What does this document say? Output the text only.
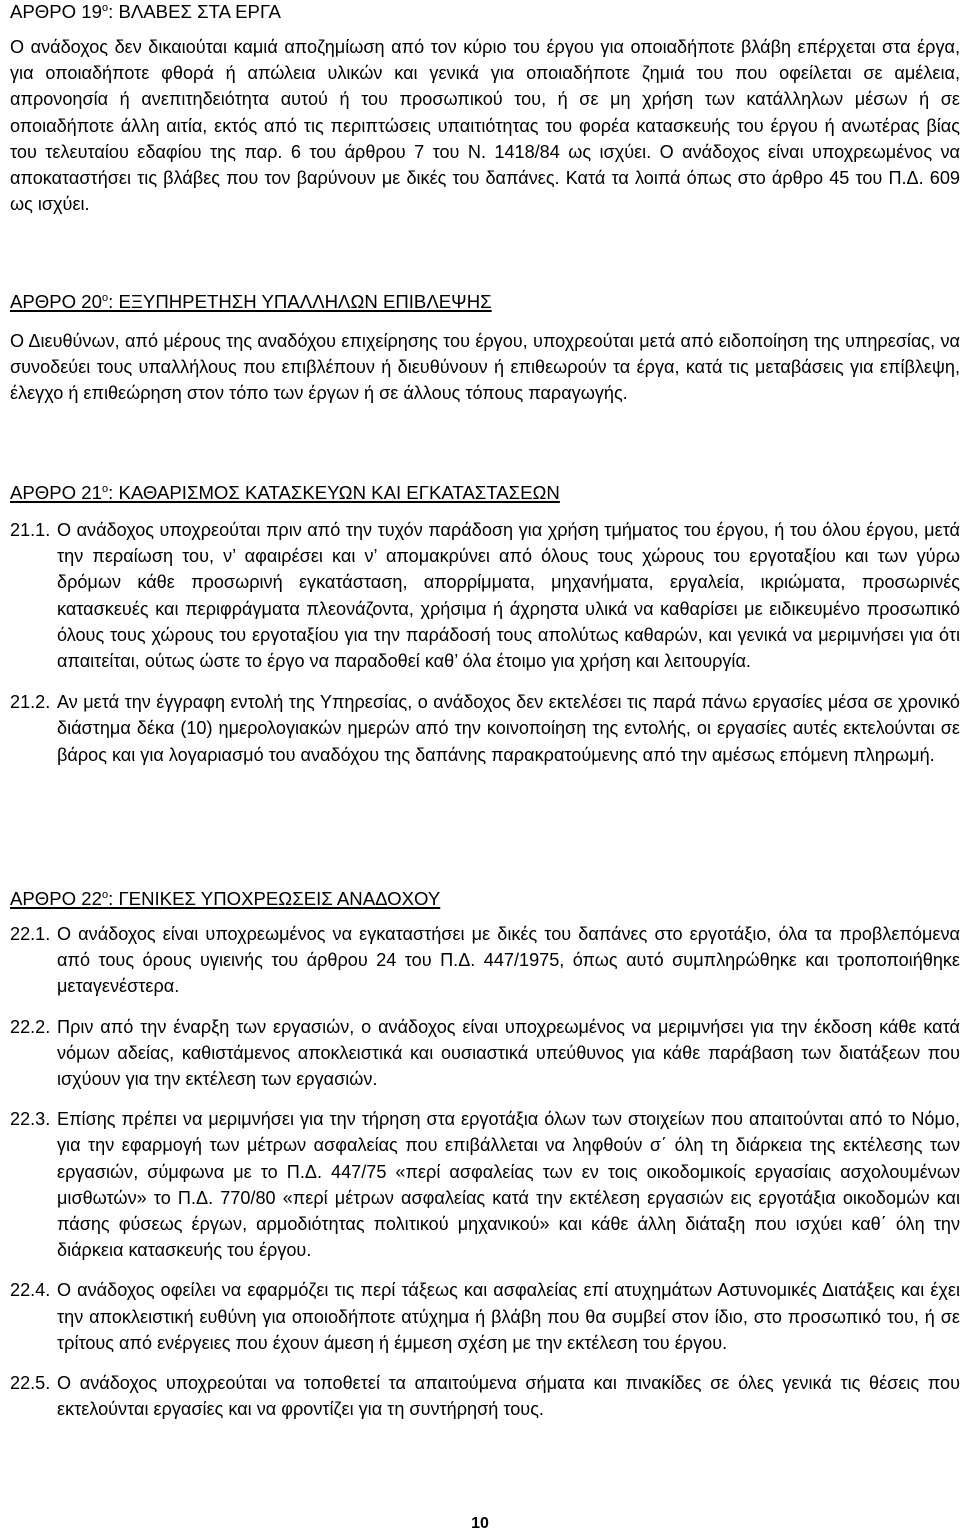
ΑΡΘΡΟ $19^o$: ΒΛΑΒΕΣ ΣΤΑ ΕΡΓΑ

Ο ανάδοχος δεν δικαιούται καμιά αποζημίωση από τον κύριο του έργου για οποιαδήποτε βλάβη επέρχεται στα έργα, για οποιαδήποτε φθορά ή απώλεια υλικών και γενικά για οποιαδήποτε ζημιά του που οφείλεται σε αμέλεια, απρονοησία ή ανεπιτηδειότητα αυτού ή του προσωπικού του, ή σε μη χρήση των κατάλληλων μέσων ή σε οποιαδήποτε άλλη αιτία, εκτός από τις περιπτώσεις υπαιτιότητας του φορέα κατασκευής του έργου ή ανωτέρας βίας του τελευταίου εδαφίου της παρ. 6 του άρθρου 7 του Ν. 1418/84 ως ισχύει. Ο ανάδοχος είναι υποχρεωμένος να αποκαταστήσει τις βλάβες που τον βαρύνουν με δικές του δαπάνες. Κατά τα λοιπά όπως στο άρθρο 45 του Π.Δ. 609 ως ισχύει.

ΑΡΘΡΟ $20^o$: ΕΞΥΠΗΡΕΤΗΣΗ ΥΠΑΛΛΗΛΩΝ ΕΠΙΒΛΕΨΗΣ

Ο Διευθύνων, από μέρους της αναδόχου επιχείρησης του έργου, υποχρεούται μετά από ειδοποίηση της υπηρεσίας, να συνοδεύει τους υπαλλήλους που επιβλέπουν ή διευθύνουν ή επιθεωρούν τα έργα, κατά τις μεταβάσεις για επίβλεψη, έλεγχο ή επιθεώρηση στον τόπο των έργων ή σε άλλους τόπους παραγωγής.

ΑΡΘΡΟ $21^o$: ΚΑΘΑΡΙΣΜΟΣ ΚΑΤΑΣΚΕΥΩΝ ΚΑΙ ΕΓΚΑΤΑΣΤΑΣΕΩΝ

21.1. Ο ανάδοχος υποχρεούται πριν από την τυχόν παράδοση για χρήση τμήματος του έργου, ή του όλου έργου, μετά την περαίωση του, ν’ αφαιρέσει και ν’ απομακρύνει από όλους τους χώρους του εργοταξίου και των γύρω δρόμων κάθε προσωρινή εγκατάσταση, απορρίμματα, μηχανήματα, εργαλεία, ικριώματα, προσωρινές κατασκευές και περιφράγματα πλεονάζοντα, χρήσιμα ή άχρηστα υλικά να καθαρίσει με ειδικευμένο προσωπικό όλους τους χώρους του εργοταξίου για την παράδοσή τους απολύτως καθαρών, και γενικά να μεριμνήσει για ότι απαιτείται, ούτως ώστε το έργο να παραδοθεί καθ’ όλα έτοιμο για χρήση και λειτουργία.

21.2. Αν μετά την έγγραφη εντολή της Υπηρεσίας, ο ανάδοχος δεν εκτελέσει τις παρά πάνω εργασίες μέσα σε χρονικό διάστημα δέκα (10) ημερολογιακών ημερών από την κοινοποίηση της εντολής, οι εργασίες αυτές εκτελούνται σε βάρος και για λογαριασμό του αναδόχου της δαπάνης παρακρατούμενης από την αμέσως επόμενη πληρωμή.

ΑΡΘΡΟ $22^o$: ΓΕΝΙΚΕΣ ΥΠΟΧΡΕΩΣΕΙΣ ΑΝΑΔΟΧΟΥ

22.1. Ο ανάδοχος είναι υποχρεωμένος να εγκαταστήσει με δικές του δαπάνες στο εργοτάξιο, όλα τα προβλεπόμενα από τους όρους υγιεινής του άρθρου 24 του Π.Δ. 447/1975, όπως αυτό συμπληρώθηκε και τροποποιήθηκε μεταγενέστερα.

22.2. Πριν από την έναρξη των εργασιών, ο ανάδοχος είναι υποχρεωμένος να μεριμνήσει για την έκδοση κάθε κατά νόμων αδείας, καθιστάμενος αποκλειστικά και ουσιαστικά υπεύθυνος για κάθε παράβαση των διατάξεων που ισχύουν για την εκτέλεση των εργασιών.

22.3. Επίσης πρέπει να μεριμνήσει για την τήρηση στα εργοτάξια όλων των στοιχείων που απαιτούνται από το Νόμο, για την εφαρμογή των μέτρων ασφαλείας που επιβάλλεται να ληφθούν σ΄ όλη τη διάρκεια της εκτέλεσης των εργασιών, σύμφωνα με το Π.Δ. 447/75 «περί ασφαλείας των εν τοις οικοδομικοίς εργασίαις ασχολουμένων μισθωτών» το Π.Δ. 770/80 «περί μέτρων ασφαλείας κατά την εκτέλεση εργασιών εις εργοτάξια οικοδομών και πάσης φύσεως έργων, αρμοδιότητας πολιτικού μηχανικού» και κάθε άλλη διάταξη που ισχύει καθ΄ όλη την διάρκεια κατασκευής του έργου.

22.4. Ο ανάδοχος οφείλει να εφαρμόζει τις περί τάξεως και ασφαλείας επί ατυχημάτων Αστυνομικές Διατάξεις και έχει την αποκλειστική ευθύνη για οποιοδήποτε ατύχημα ή βλάβη που θα συμβεί στον ίδιο, στο προσωπικό του, ή σε τρίτους από ενέργειες που έχουν άμεση ή έμμεση σχέση με την εκτέλεση του έργου.

22.5. Ο ανάδοχος υποχρεούται να τοποθετεί τα απαιτούμενα σήματα και πινακίδες σε όλες γενικά τις θέσεις που εκτελούνται εργασίες και να φροντίζει για τη συντήρησή τους.

10
